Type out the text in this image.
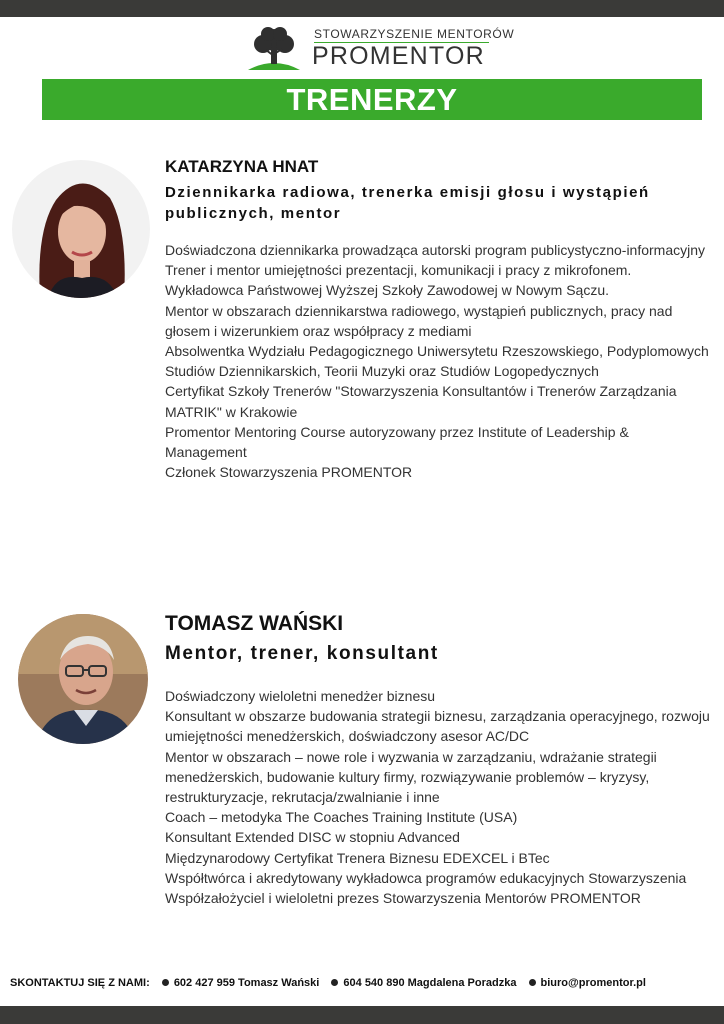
STOWARZYSZENIE MENTORÓW
PROMENTOR
TRENERZY
KATARZYNA HNAT
Dziennikarka radiowa, trenerka emisji głosu i wystąpień publicznych, mentor
Doświadczona dziennikarka prowadząca autorski program publicystyczno-informacyjny
Trener i mentor umiejętności prezentacji, komunikacji i pracy z mikrofonem.
Wykładowca Państwowej Wyższej Szkoły Zawodowej w Nowym Sączu.
Mentor w obszarach dziennikarstwa radiowego, wystąpień publicznych, pracy nad głosem i wizerunkiem oraz współpracy z mediami
Absolwentka Wydziału Pedagogicznego Uniwersytetu Rzeszowskiego, Podyplomowych Studiów Dziennikarskich, Teorii Muzyki oraz Studiów Logopedycznych
Certyfikat Szkoły Trenerów "Stowarzyszenia Konsultantów i Trenerów Zarządzania MATRIK" w Krakowie
Promentor Mentoring Course autoryzowany przez Institute of Leadership & Management
Członek Stowarzyszenia PROMENTOR
TOMASZ WAŃSKI
Mentor, trener, konsultant
Doświadczony wieloletni menedżer biznesu
Konsultant w obszarze budowania strategii biznesu, zarządzania operacyjnego, rozwoju umiejętności menedżerskich, doświadczony asesor AC/DC
Mentor w obszarach – nowe role i wyzwania w zarządzaniu, wdrażanie strategii menedżerskich, budowanie kultury firmy, rozwiązywanie problemów – kryzysy, restrukturyzacje, rekrutacja/zwalnianie i inne
Coach – metodyka The Coaches Training Institute (USA)
Konsultant Extended DISC w stopniu Advanced
Międzynarodowy Certyfikat Trenera Biznesu EDEXCEL i BTec
Współtwórca i akredytowany wykładowca programów edukacyjnych Stowarzyszenia
Współzałożyciel i wieloletni prezes Stowarzyszenia Mentorów PROMENTOR
SKONTAKTUJ SIĘ Z NAMI: 602 427 959 Tomasz Wański 604 540 890 Magdalena Poradzka biuro@promentor.pl
